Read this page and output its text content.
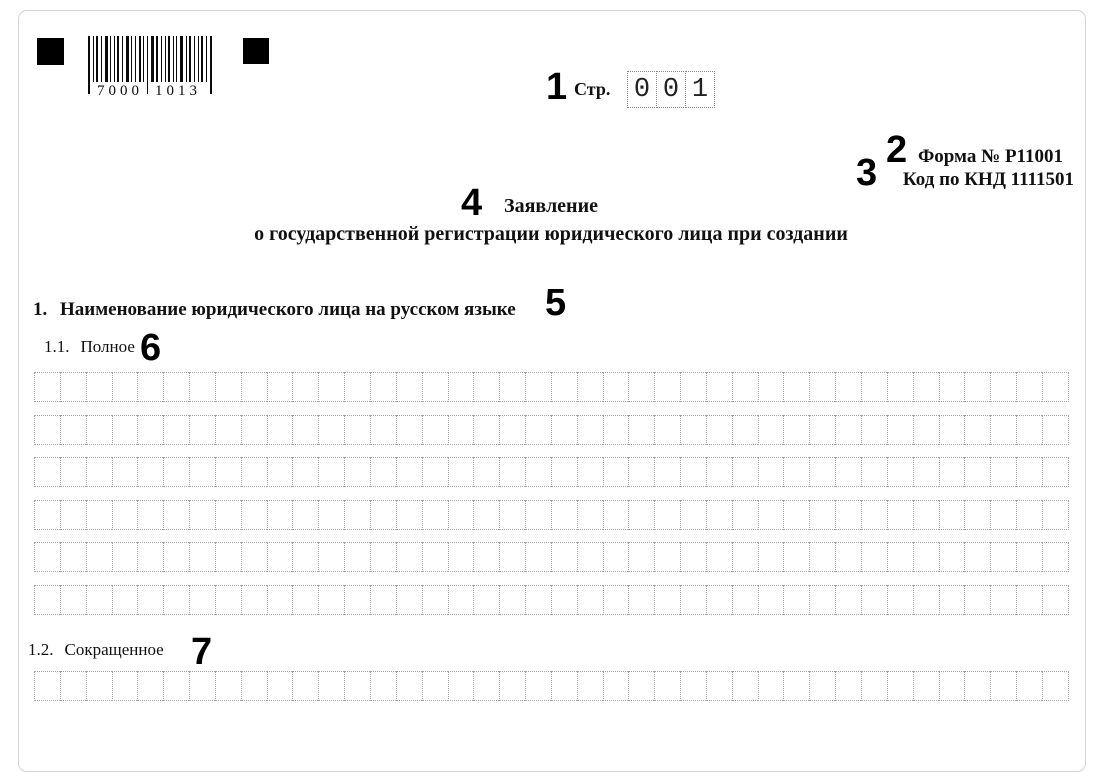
7000 1013	1 Стр. 0 0 1
2 Форма № Р11001
3 Код по КНД 1111501
4	Заявление
о государственной регистрации юридического лица при создании
1. Наименование юридического лица на русском языке 5
1.1. Полное 6
1.2. Сокращенное 7
